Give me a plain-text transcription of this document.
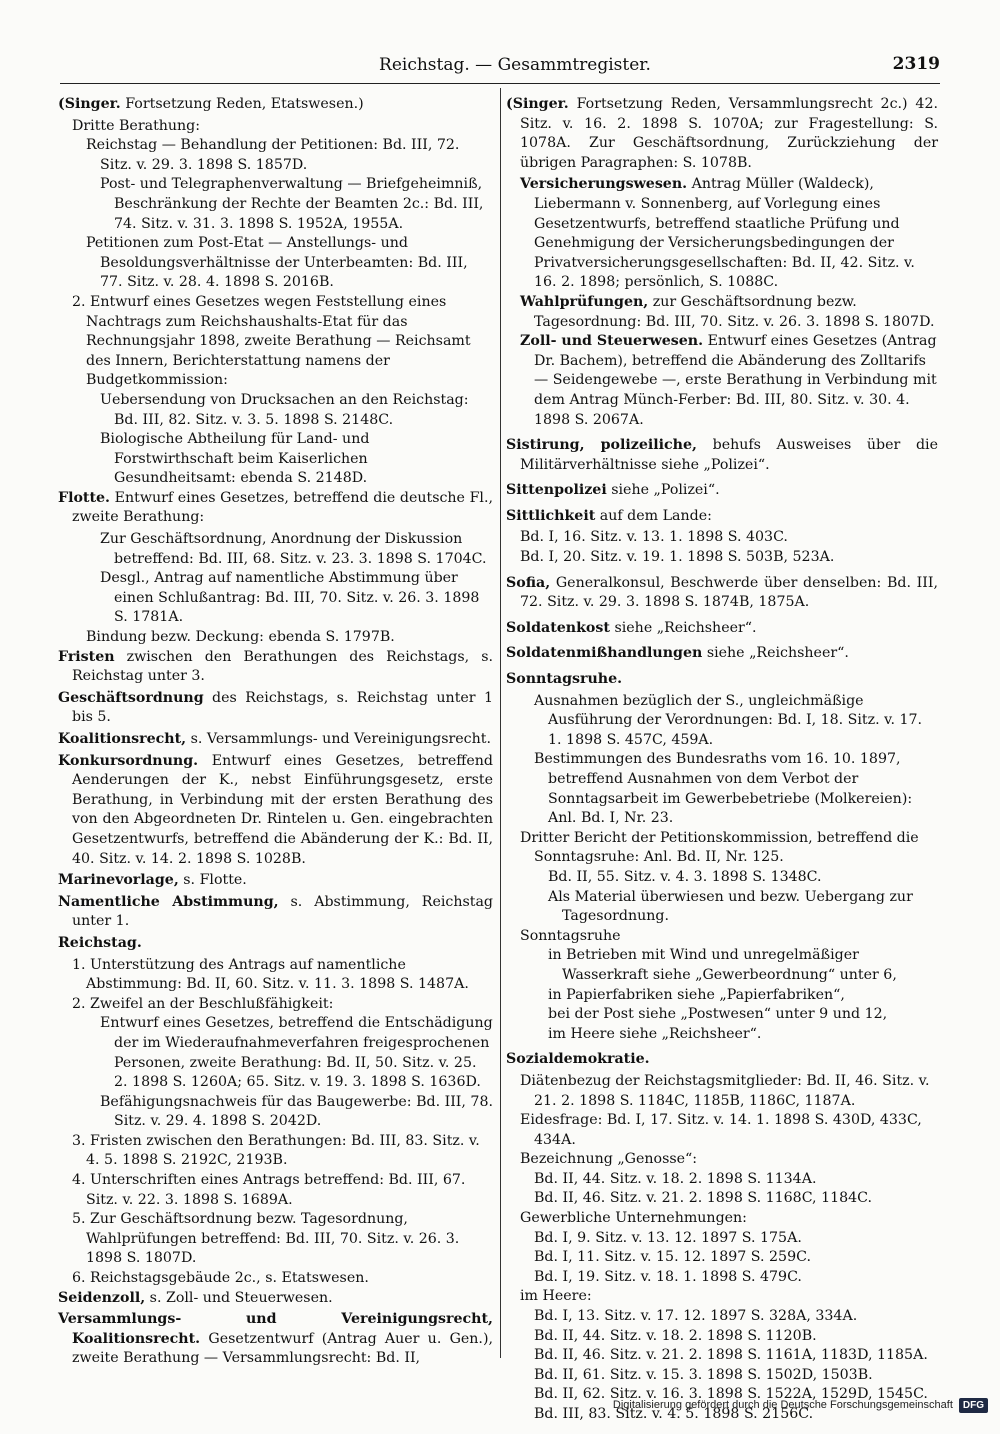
Reichstag. — Gesammtregister.	2319

(Singer. Fortsetzung Reden, Etatswesen.)

Dritte Berathung:

Reichstag — Behandlung der Petitionen: Bd. III, 72. Sitz. v. 29. 3. 1898 S. 1857D.

Post- und Telegraphenverwaltung — Briefgeheimniß, Beschränkung der Rechte der Beamten 2c.: Bd. III, 74. Sitz. v. 31. 3. 1898 S. 1952A, 1955A.

Petitionen zum Post-Etat — Anstellungs- und Besoldungsverhältnisse der Unterbeamten: Bd. III, 77. Sitz. v. 28. 4. 1898 S. 2016B.

2. Entwurf eines Gesetzes wegen Feststellung eines Nachtrags zum Reichshaushalts-Etat für das Rechnungsjahr 1898, zweite Berathung — Reichsamt des Innern, Berichterstattung namens der Budgetkommission:

Uebersendung von Drucksachen an den Reichstag: Bd. III, 82. Sitz. v. 3. 5. 1898 S. 2148C.

Biologische Abtheilung für Land- und Forstwirthschaft beim Kaiserlichen Gesundheitsamt: ebenda S. 2148D.

Flotte. Entwurf eines Gesetzes, betreffend die deutsche Fl., zweite Berathung:

Zur Geschäftsordnung, Anordnung der Diskussion betreffend: Bd. III, 68. Sitz. v. 23. 3. 1898 S. 1704C.

Desgl., Antrag auf namentliche Abstimmung über einen Schlußantrag: Bd. III, 70. Sitz. v. 26. 3. 1898 S. 1781A.

Bindung bezw. Deckung: ebenda S. 1797B.

Fristen zwischen den Berathungen des Reichstags, s. Reichstag unter 3.

Geschäftsordnung des Reichstags, s. Reichstag unter 1 bis 5.

Koalitionsrecht, s. Versammlungs- und Vereinigungsrecht.

Konkursordnung. Entwurf eines Gesetzes, betreffend Aenderungen der K., nebst Einführungsgesetz, erste Berathung, in Verbindung mit der ersten Berathung des von den Abgeordneten Dr. Rintelen u. Gen. eingebrachten Gesetzentwurfs, betreffend die Abänderung der K.: Bd. II, 40. Sitz. v. 14. 2. 1898 S. 1028B.

Marinevorlage, s. Flotte.

Namentliche Abstimmung, s. Abstimmung, Reichstag unter 1.

Reichstag.

1. Unterstützung des Antrags auf namentliche Abstimmung: Bd. II, 60. Sitz. v. 11. 3. 1898 S. 1487A.

2. Zweifel an der Beschlußfähigkeit:

Entwurf eines Gesetzes, betreffend die Entschädigung der im Wiederaufnahmeverfahren freigesprochenen Personen, zweite Berathung: Bd. II, 50. Sitz. v. 25. 2. 1898 S. 1260A; 65. Sitz. v. 19. 3. 1898 S. 1636D.

Befähigungsnachweis für das Baugewerbe: Bd. III, 78. Sitz. v. 29. 4. 1898 S. 2042D.

3. Fristen zwischen den Berathungen: Bd. III, 83. Sitz. v. 4. 5. 1898 S. 2192C, 2193B.

4. Unterschriften eines Antrags betreffend: Bd. III, 67. Sitz. v. 22. 3. 1898 S. 1689A.

5. Zur Geschäftsordnung bezw. Tagesordnung, Wahlprüfungen betreffend: Bd. III, 70. Sitz. v. 26. 3. 1898 S. 1807D.

6. Reichstagsgebäude 2c., s. Etatswesen.

Seidenzoll, s. Zoll- und Steuerwesen.

Versammlungs- und Vereinigungsrecht, Koalitionsrecht. Gesetzentwurf (Antrag Auer u. Gen.), zweite Berathung — Versammlungsrecht: Bd. II,

(Singer. Fortsetzung Reden, Versammlungsrecht 2c.) 42. Sitz. v. 16. 2. 1898 S. 1070A; zur Fragestellung: S. 1078A. Zur Geschäftsordnung, Zurückziehung der übrigen Paragraphen: S. 1078B.

Versicherungswesen. Antrag Müller (Waldeck), Liebermann v. Sonnenberg, auf Vorlegung eines Gesetzentwurfs, betreffend staatliche Prüfung und Genehmigung der Versicherungsbedingungen der Privatversicherungsgesellschaften: Bd. II, 42. Sitz. v. 16. 2. 1898; persönlich, S. 1088C.

Wahlprüfungen, zur Geschäftsordnung bezw. Tagesordnung: Bd. III, 70. Sitz. v. 26. 3. 1898 S. 1807D.

Zoll- und Steuerwesen. Entwurf eines Gesetzes (Antrag Dr. Bachem), betreffend die Abänderung des Zolltarifs — Seidengewebe —, erste Berathung in Verbindung mit dem Antrag Münch-Ferber: Bd. III, 80. Sitz. v. 30. 4. 1898 S. 2067A.

Sistirung, polizeiliche, behufs Ausweises über die Militärverhältnisse siehe „Polizei“.

Sittenpolizei siehe „Polizei“.

Sittlichkeit auf dem Lande:

Bd. I, 16. Sitz. v. 13. 1. 1898 S. 403C.

Bd. I, 20. Sitz. v. 19. 1. 1898 S. 503B, 523A.

Sofia, Generalkonsul, Beschwerde über denselben: Bd. III, 72. Sitz. v. 29. 3. 1898 S. 1874B, 1875A.

Soldatenkost siehe „Reichsheer“.

Soldatenmißhandlungen siehe „Reichsheer“.

Sonntagsruhe.

Ausnahmen bezüglich der S., ungleichmäßige Ausführung der Verordnungen: Bd. I, 18. Sitz. v. 17. 1. 1898 S. 457C, 459A.

Bestimmungen des Bundesraths vom 16. 10. 1897, betreffend Ausnahmen von dem Verbot der Sonntagsarbeit im Gewerbebetriebe (Molkereien): Anl. Bd. I, Nr. 23.

Dritter Bericht der Petitionskommission, betreffend die Sonntagsruhe: Anl. Bd. II, Nr. 125.

Bd. II, 55. Sitz. v. 4. 3. 1898 S. 1348C.

Als Material überwiesen und bezw. Uebergang zur Tagesordnung.

Sonntagsruhe

in Betrieben mit Wind und unregelmäßiger Wasserkraft siehe „Gewerbeordnung“ unter 6,

in Papierfabriken siehe „Papierfabriken“,

bei der Post siehe „Postwesen“ unter 9 und 12,

im Heere siehe „Reichsheer“.

Sozialdemokratie.

Diätenbezug der Reichstagsmitglieder: Bd. II, 46. Sitz. v. 21. 2. 1898 S. 1184C, 1185B, 1186C, 1187A.

Eidesfrage: Bd. I, 17. Sitz. v. 14. 1. 1898 S. 430D, 433C, 434A.

Bezeichnung „Genosse“:

Bd. II, 44. Sitz. v. 18. 2. 1898 S. 1134A.

Bd. II, 46. Sitz. v. 21. 2. 1898 S. 1168C, 1184C.

Gewerbliche Unternehmungen:

Bd. I, 9. Sitz. v. 13. 12. 1897 S. 175A.

Bd. I, 11. Sitz. v. 15. 12. 1897 S. 259C.

Bd. I, 19. Sitz. v. 18. 1. 1898 S. 479C.

im Heere:

Bd. I, 13. Sitz. v. 17. 12. 1897 S. 328A, 334A.

Bd. II, 44. Sitz. v. 18. 2. 1898 S. 1120B.

Bd. II, 46. Sitz. v. 21. 2. 1898 S. 1161A, 1183D, 1185A.

Bd. II, 61. Sitz. v. 15. 3. 1898 S. 1502D, 1503B.

Bd. II, 62. Sitz. v. 16. 3. 1898 S. 1522A, 1529D, 1545C.

Bd. III, 83. Sitz. v. 4. 5. 1898 S. 2156C.

Digitalisierung gefördert durch die Deutsche Forschungsgemeinschaft	DFG
